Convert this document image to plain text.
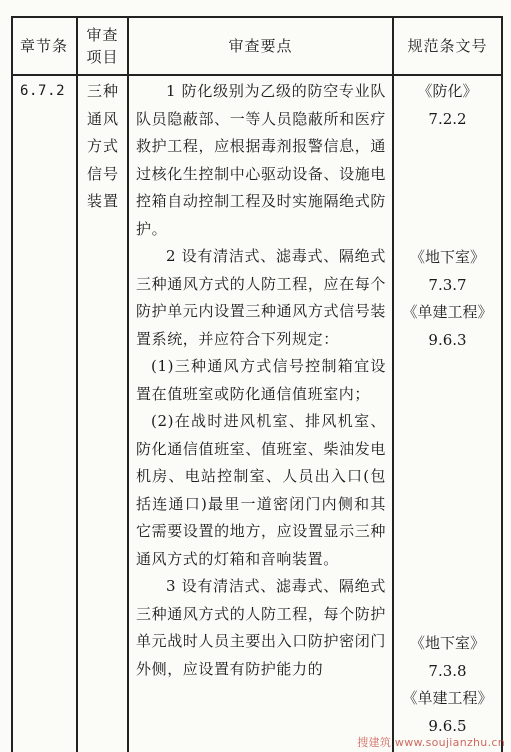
章节条
审查项目
审查要点	规范条文号
6.7.2	三种通风方式信号装置

1 防化级别为乙级的防空专业队队员隐蔽部、一等人员隐蔽所和医疗救护工程，应根据毒剂报警信息，通过核化生控制中心驱动设备、设施电控箱自动控制工程及时实施隔绝式防护。

2 设有清洁式、滤毒式、隔绝式三种通风方式的人防工程，应在每个防护单元内设置三种通风方式信号装置系统，并应符合下列规定：

(1)三种通风方式信号控制箱宜设置在值班室或防化通信值班室内；

(2)在战时进风机室、排风机室、防化通信值班室、值班室、柴油发电机房、电站控制室、人员出入口(包括连通口)最里一道密闭门内侧和其它需要设置的地方，应设置显示三种通风方式的灯箱和音响装置。

3 设有清洁式、滤毒式、隔绝式三种通风方式的人防工程，每个防护单元战时人员主要出入口防护密闭门外侧，应设置有防护能力的

《防化》
7.2.2
《地下室》
7.3.7
《单建工程》
9.6.3
《地下室》
7.3.8
《单建工程》
9.6.5
搜建筑 www.soujianzhu.cn
